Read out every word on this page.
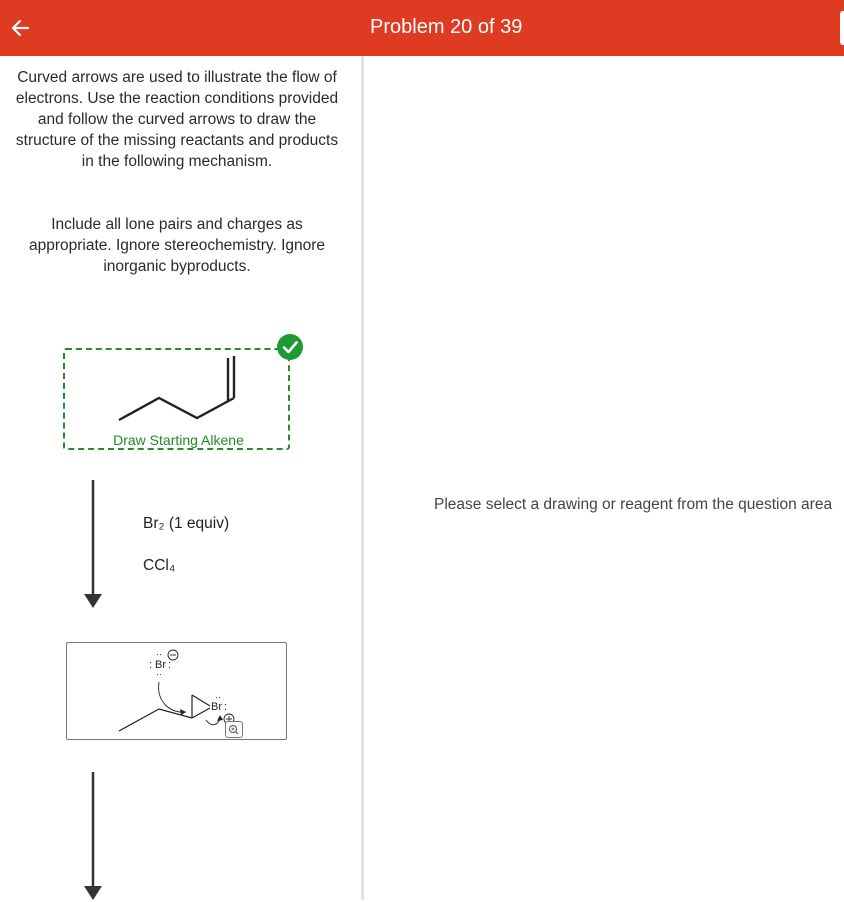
Problem 20 of 39
Curved arrows are used to illustrate the flow of electrons. Use the reaction conditions provided and follow the curved arrows to draw the structure of the missing reactants and products in the following mechanism.
Include all lone pairs and charges as appropriate. Ignore stereochemistry. Ignore inorganic byproducts.
Draw Starting Alkene
Br₂ (1 equiv)
CCl₄
: Br :
··
··
Br :
··
Please select a drawing or reagent from the question area
